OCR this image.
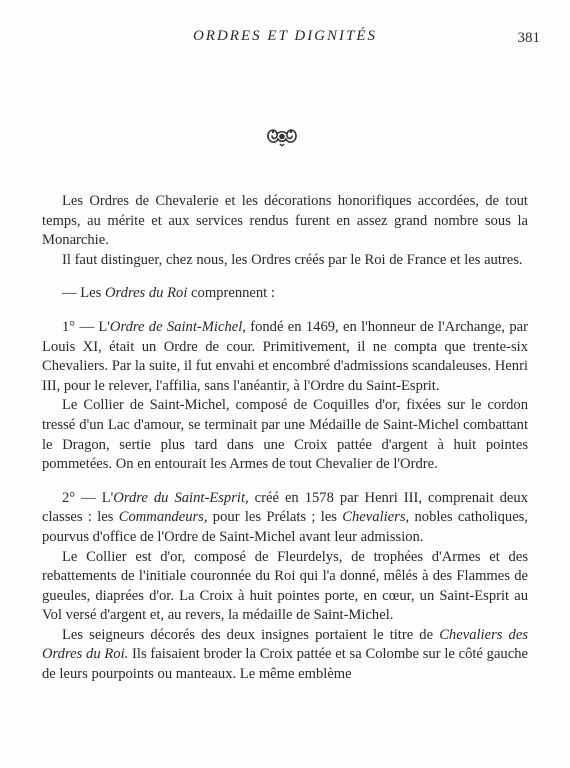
ORDRES ET DIGNITÉS	381

Les Ordres de Chevalerie et les décorations honorifiques accordées, de tout temps, au mérite et aux services rendus furent en assez grand nombre sous la Monarchie.

Il faut distinguer, chez nous, les Ordres créés par le Roi de France et les autres.

— Les Ordres du Roi comprennent :

1° — L'Ordre de Saint-Michel, fondé en 1469, en l'honneur de l'Archange, par Louis XI, était un Ordre de cour. Primitivement, il ne compta que trente-six Chevaliers. Par la suite, il fut envahi et encombré d'admissions scandaleuses. Henri III, pour le relever, l'affilia, sans l'anéantir, à l'Ordre du Saint-Esprit.

Le Collier de Saint-Michel, composé de Coquilles d'or, fixées sur le cordon tressé d'un Lac d'amour, se terminait par une Médaille de Saint-Michel combattant le Dragon, sertie plus tard dans une Croix pattée d'argent à huit pointes pommetées. On en entourait les Armes de tout Chevalier de l'Ordre.

2° — L'Ordre du Saint-Esprit, créé en 1578 par Henri III, comprenait deux classes : les Commandeurs, pour les Prélats ; les Chevaliers, nobles catholiques, pourvus d'office de l'Ordre de Saint-Michel avant leur admission.

Le Collier est d'or, composé de Fleurdelys, de trophées d'Armes et des rebattements de l'initiale couronnée du Roi qui l'a donné, mêlés à des Flammes de gueules, diaprées d'or. La Croix à huit pointes porte, en cœur, un Saint-Esprit au Vol versé d'argent et, au revers, la médaille de Saint-Michel.

Les seigneurs décorés des deux insignes portaient le titre de Chevaliers des Ordres du Roi. Ils faisaient broder la Croix pattée et sa Colombe sur le côté gauche de leurs pourpoints ou manteaux. Le même emblème
